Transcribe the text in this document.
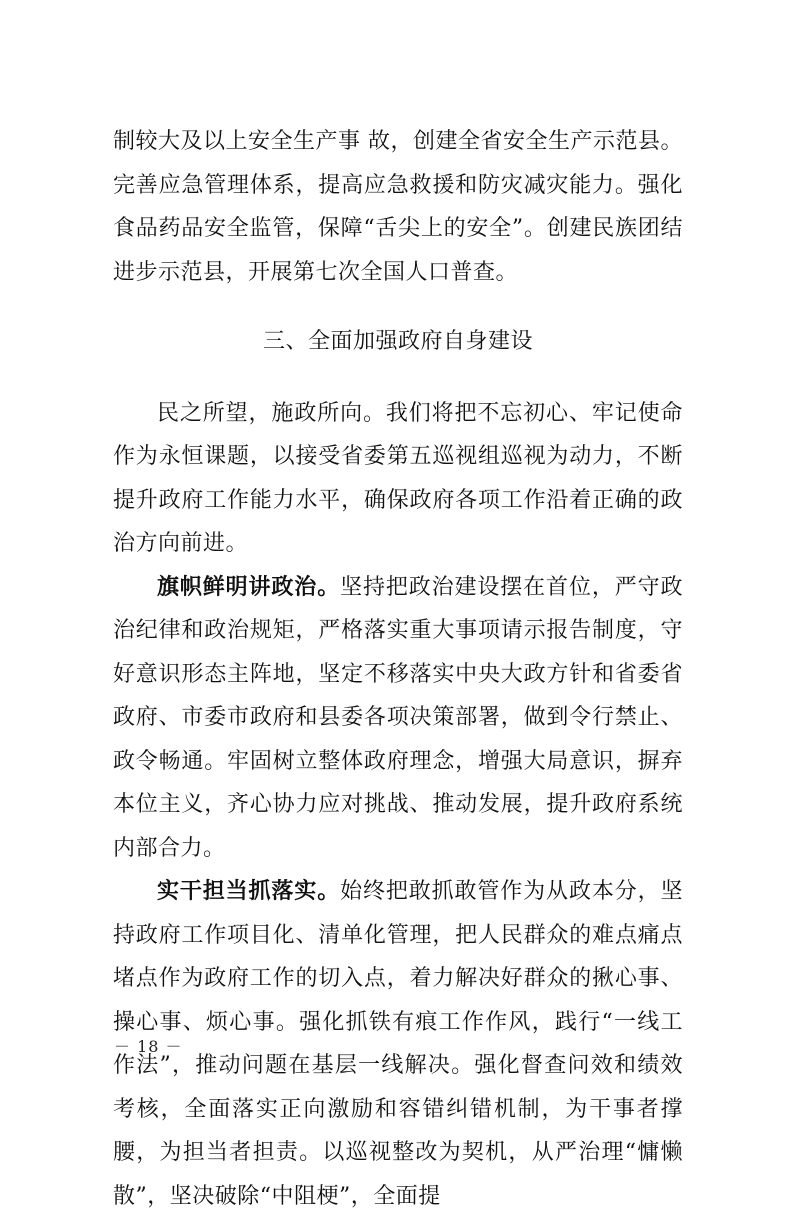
制较大及以上安全生产事 故，创建全省安全生产示范县。完善应急管理体系，提高应急救援和防灾减灾能力。强化食品药品安全监管，保障“舌尖上的安全”。创建民族团结进步示范县，开展第七次全国人口普查。

三、全面加强政府自身建设

民之所望，施政所向。我们将把不忘初心、牢记使命作为永恒课题，以接受省委第五巡视组巡视为动力，不断提升政府工作能力水平，确保政府各项工作沿着正确的政治方向前进。

旗帜鲜明讲政治。坚持把政治建设摆在首位，严守政治纪律和政治规矩，严格落实重大事项请示报告制度，守好意识形态主阵地，坚定不移落实中央大政方针和省委省政府、市委市政府和县委各项决策部署，做到令行禁止、政令畅通。牢固树立整体政府理念，增强大局意识，摒弃本位主义，齐心协力应对挑战、推动发展，提升政府系统内部合力。

实干担当抓落实。始终把敢抓敢管作为从政本分，坚持政府工作项目化、清单化管理，把人民群众的难点痛点堵点作为政府工作的切入点，着力解决好群众的揪心事、操心事、烦心事。强化抓铁有痕工作作风，践行“一线工作法”，推动问题在基层一线解决。强化督查问效和绩效考核，全面落实正向激励和容错纠错机制，为干事者撑腰，为担当者担责。以巡视整改为契机，从严治理“慵懒散”，坚决破除“中阻梗”，全面提

－ 18 －
